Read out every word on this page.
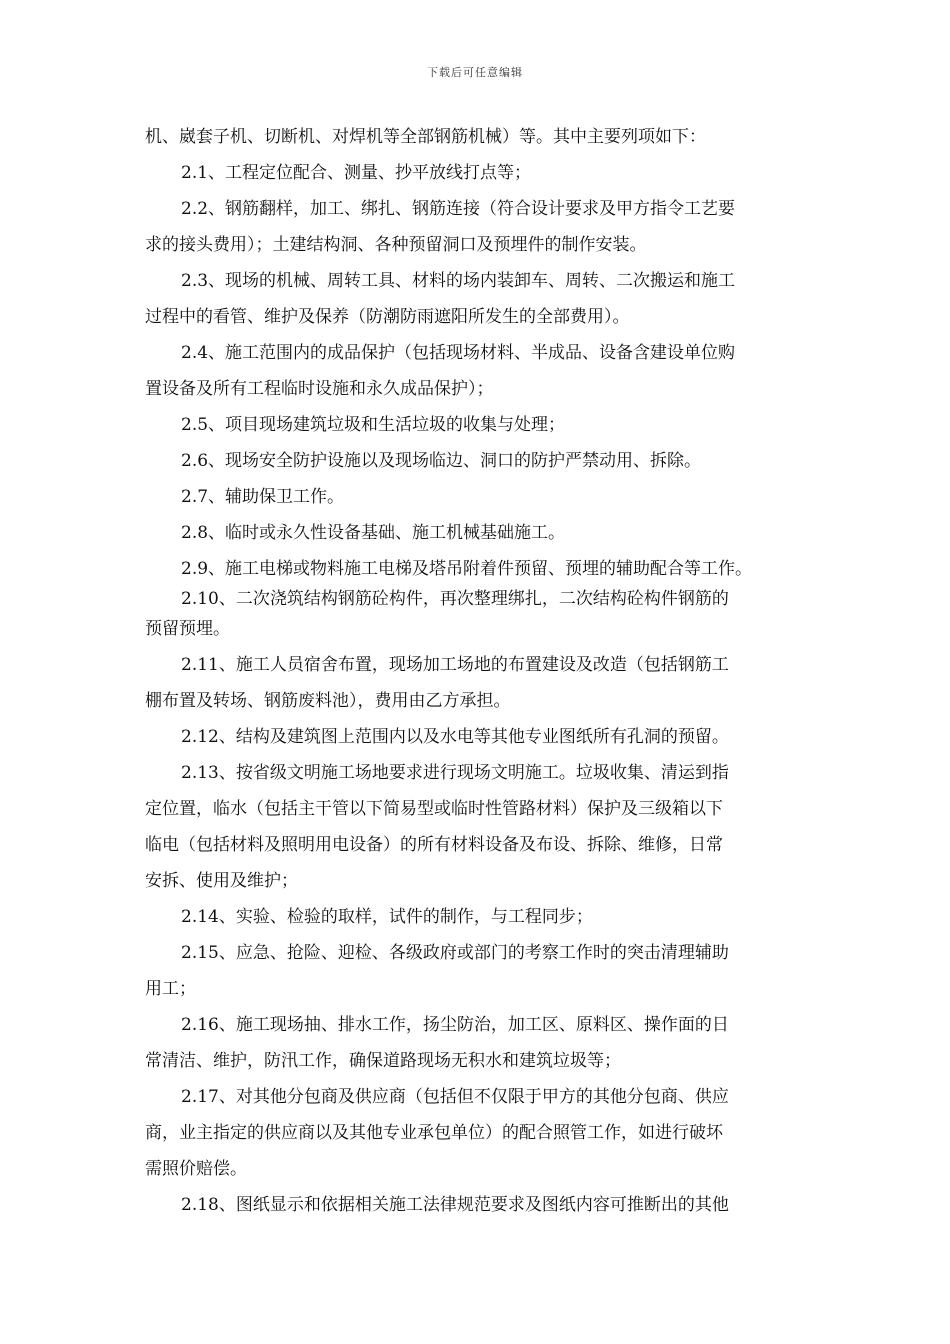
下载后可任意编辑
机、崴套子机、切断机、对焊机等全部钢筋机械）等。其中主要列项如下：
2.1、工程定位配合、测量、抄平放线打点等；
2.2、钢筋翻样，加工、绑扎、钢筋连接（符合设计要求及甲方指令工艺要
求的接头费用）；土建结构洞、各种预留洞口及预埋件的制作安装。
2.3、现场的机械、周转工具、材料的场内装卸车、周转、二次搬运和施工
过程中的看管、维护及保养（防潮防雨遮阳所发生的全部费用）。
2.4、施工范围内的成品保护（包括现场材料、半成品、设备含建设单位购
置设备及所有工程临时设施和永久成品保护）；
2.5、项目现场建筑垃圾和生活垃圾的收集与处理；
2.6、现场安全防护设施以及现场临边、洞口的防护严禁动用、拆除。
2.7、辅助保卫工作。
2.8、临时或永久性设备基础、施工机械基础施工。
2.9、施工电梯或物料施工电梯及塔吊附着件预留、预埋的辅助配合等工作。
2.10、二次浇筑结构钢筋砼构件，再次整理绑扎，二次结构砼构件钢筋的
预留预埋。
2.11、施工人员宿舍布置，现场加工场地的布置建设及改造（包括钢筋工
棚布置及转场、钢筋废料池），费用由乙方承担。
2.12、结构及建筑图上范围内以及水电等其他专业图纸所有孔洞的预留。
2.13、按省级文明施工场地要求进行现场文明施工。垃圾收集、清运到指
定位置，临水（包括主干管以下简易型或临时性管路材料）保护及三级箱以下
临电（包括材料及照明用电设备）的所有材料设备及布设、拆除、维修，日常
安拆、使用及维护；
2.14、实验、检验的取样，试件的制作，与工程同步；
2.15、应急、抢险、迎检、各级政府或部门的考察工作时的突击清理辅助
用工；
2.16、施工现场抽、排水工作，扬尘防治，加工区、原料区、操作面的日
常清洁、维护，防汛工作，确保道路现场无积水和建筑垃圾等；
2.17、对其他分包商及供应商（包括但不仅限于甲方的其他分包商、供应
商，业主指定的供应商以及其他专业承包单位）的配合照管工作，如进行破坏
需照价赔偿。
2.18、图纸显示和依据相关施工法律规范要求及图纸内容可推断出的其他
